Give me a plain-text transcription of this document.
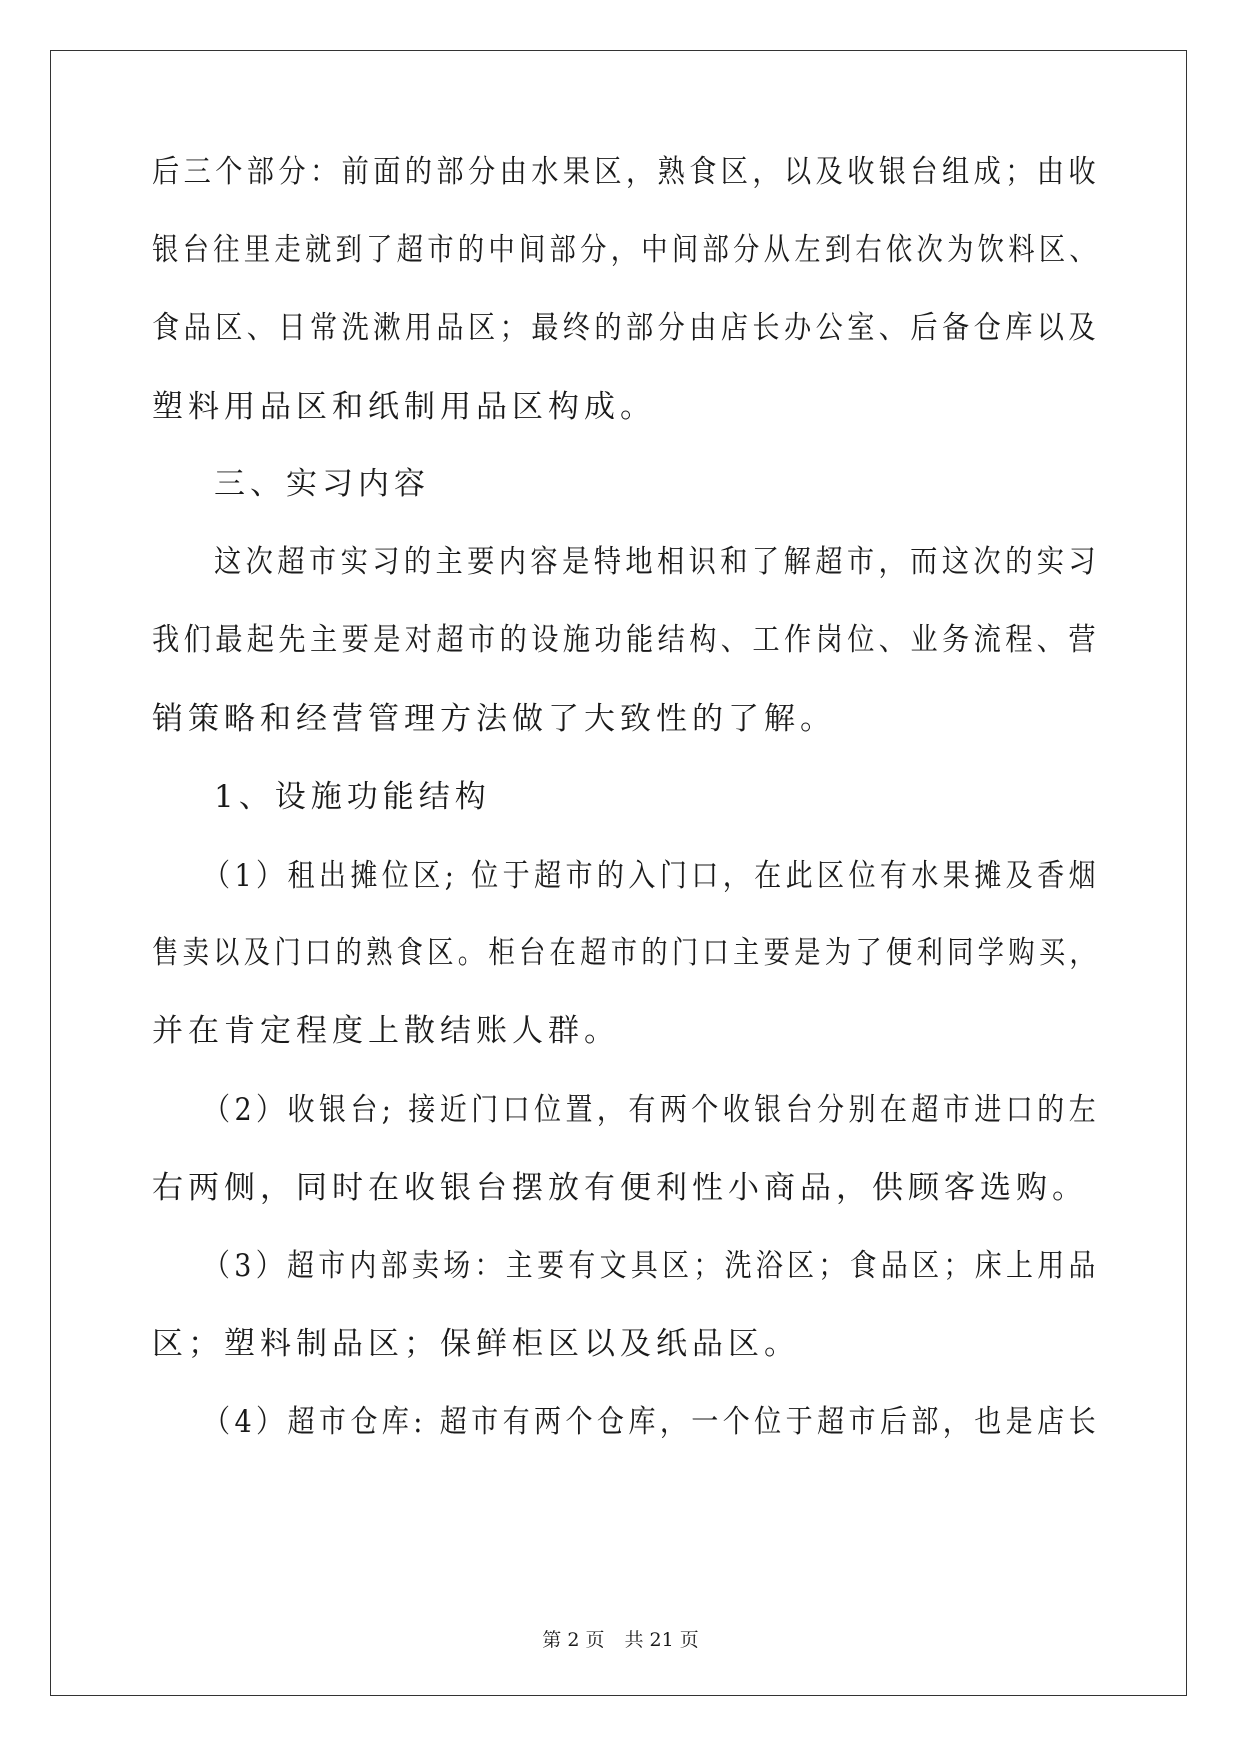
后三个部分：前面的部分由水果区，熟食区，以及收银台组成；由收
银台往里走就到了超市的中间部分，中间部分从左到右依次为饮料区、
食品区、日常洗漱用品区；最终的部分由店长办公室、后备仓库以及
塑料用品区和纸制用品区构成。
三、实习内容
这次超市实习的主要内容是特地相识和了解超市，而这次的实习
我们最起先主要是对超市的设施功能结构、工作岗位、业务流程、营
销策略和经营管理方法做了大致性的了解。
1、设施功能结构
（1）租出摊位区; 位于超市的入门口，在此区位有水果摊及香烟
售卖以及门口的熟食区。柜台在超市的门口主要是为了便利同学购买，
并在肯定程度上散结账人群。
（2）收银台; 接近门口位置，有两个收银台分别在超市进口的左
右两侧，同时在收银台摆放有便利性小商品，供顾客选购。
（3）超市内部卖场：主要有文具区；洗浴区；食品区；床上用品
区；塑料制品区；保鲜柜区以及纸品区。
（4）超市仓库: 超市有两个仓库，一个位于超市后部，也是店长
第 2 页 共 21 页
